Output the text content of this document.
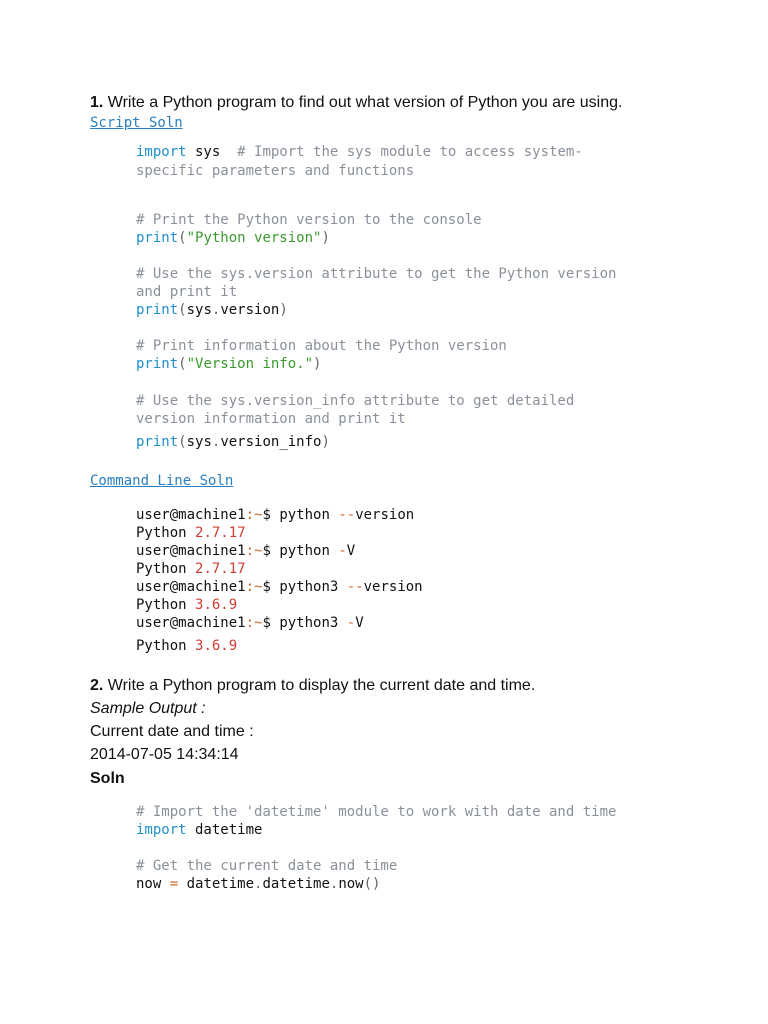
1. Write a Python program to find out what version of Python you are using.
Script Soln
import sys  # Import the sys module to access system-
specific parameters and functions
# Print the Python version to the console
print("Python version")
# Use the sys.version attribute to get the Python version
and print it
print(sys.version)
# Print information about the Python version
print("Version info.")
# Use the sys.version_info attribute to get detailed
version information and print it
print(sys.version_info)
Command Line Soln
user@machine1:~$ python --version
Python 2.7.17
user@machine1:~$ python -V
Python 2.7.17
user@machine1:~$ python3 --version
Python 3.6.9
user@machine1:~$ python3 -V
Python 3.6.9
2. Write a Python program to display the current date and time.
Sample Output :
Current date and time :
2014-07-05 14:34:14
Soln
# Import the 'datetime' module to work with date and time
import datetime
# Get the current date and time
now = datetime.datetime.now()
